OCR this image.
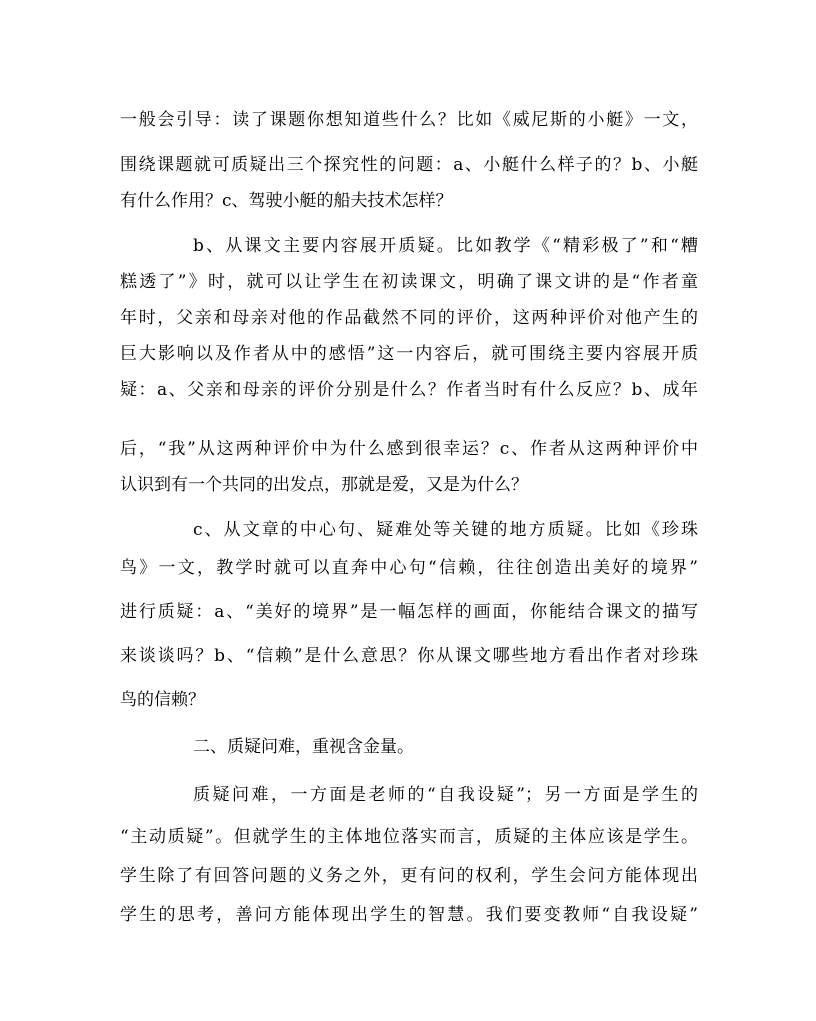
一般会引导：读了课题你想知道些什么？比如《威尼斯的小艇》一文，
围绕课题就可质疑出三个探究性的问题：a、小艇什么样子的？b、小艇
有什么作用？c、驾驶小艇的船夫技术怎样？
b、从课文主要内容展开质疑。比如教学《“精彩极了”和“糟
糕透了”》时，就可以让学生在初读课文，明确了课文讲的是“作者童
年时，父亲和母亲对他的作品截然不同的评价，这两种评价对他产生的
巨大影响以及作者从中的感悟”这一内容后，就可围绕主要内容展开质
疑：a、父亲和母亲的评价分别是什么？作者当时有什么反应？b、成年
后，“我”从这两种评价中为什么感到很幸运？c、作者从这两种评价中
认识到有一个共同的出发点，那就是爱，又是为什么？
c、从文章的中心句、疑难处等关键的地方质疑。比如《珍珠
鸟》一文，教学时就可以直奔中心句“信赖，往往创造出美好的境界”
进行质疑：a、“美好的境界”是一幅怎样的画面，你能结合课文的描写
来谈谈吗？b、“信赖”是什么意思？你从课文哪些地方看出作者对珍珠
鸟的信赖？
二、质疑问难，重视含金量。
质疑问难，一方面是老师的“自我设疑”；另一方面是学生的
“主动质疑”。但就学生的主体地位落实而言，质疑的主体应该是学生。
学生除了有回答问题的义务之外，更有问的权利，学生会问方能体现出
学生的思考，善问方能体现出学生的智慧。我们要变教师“自我设疑”
